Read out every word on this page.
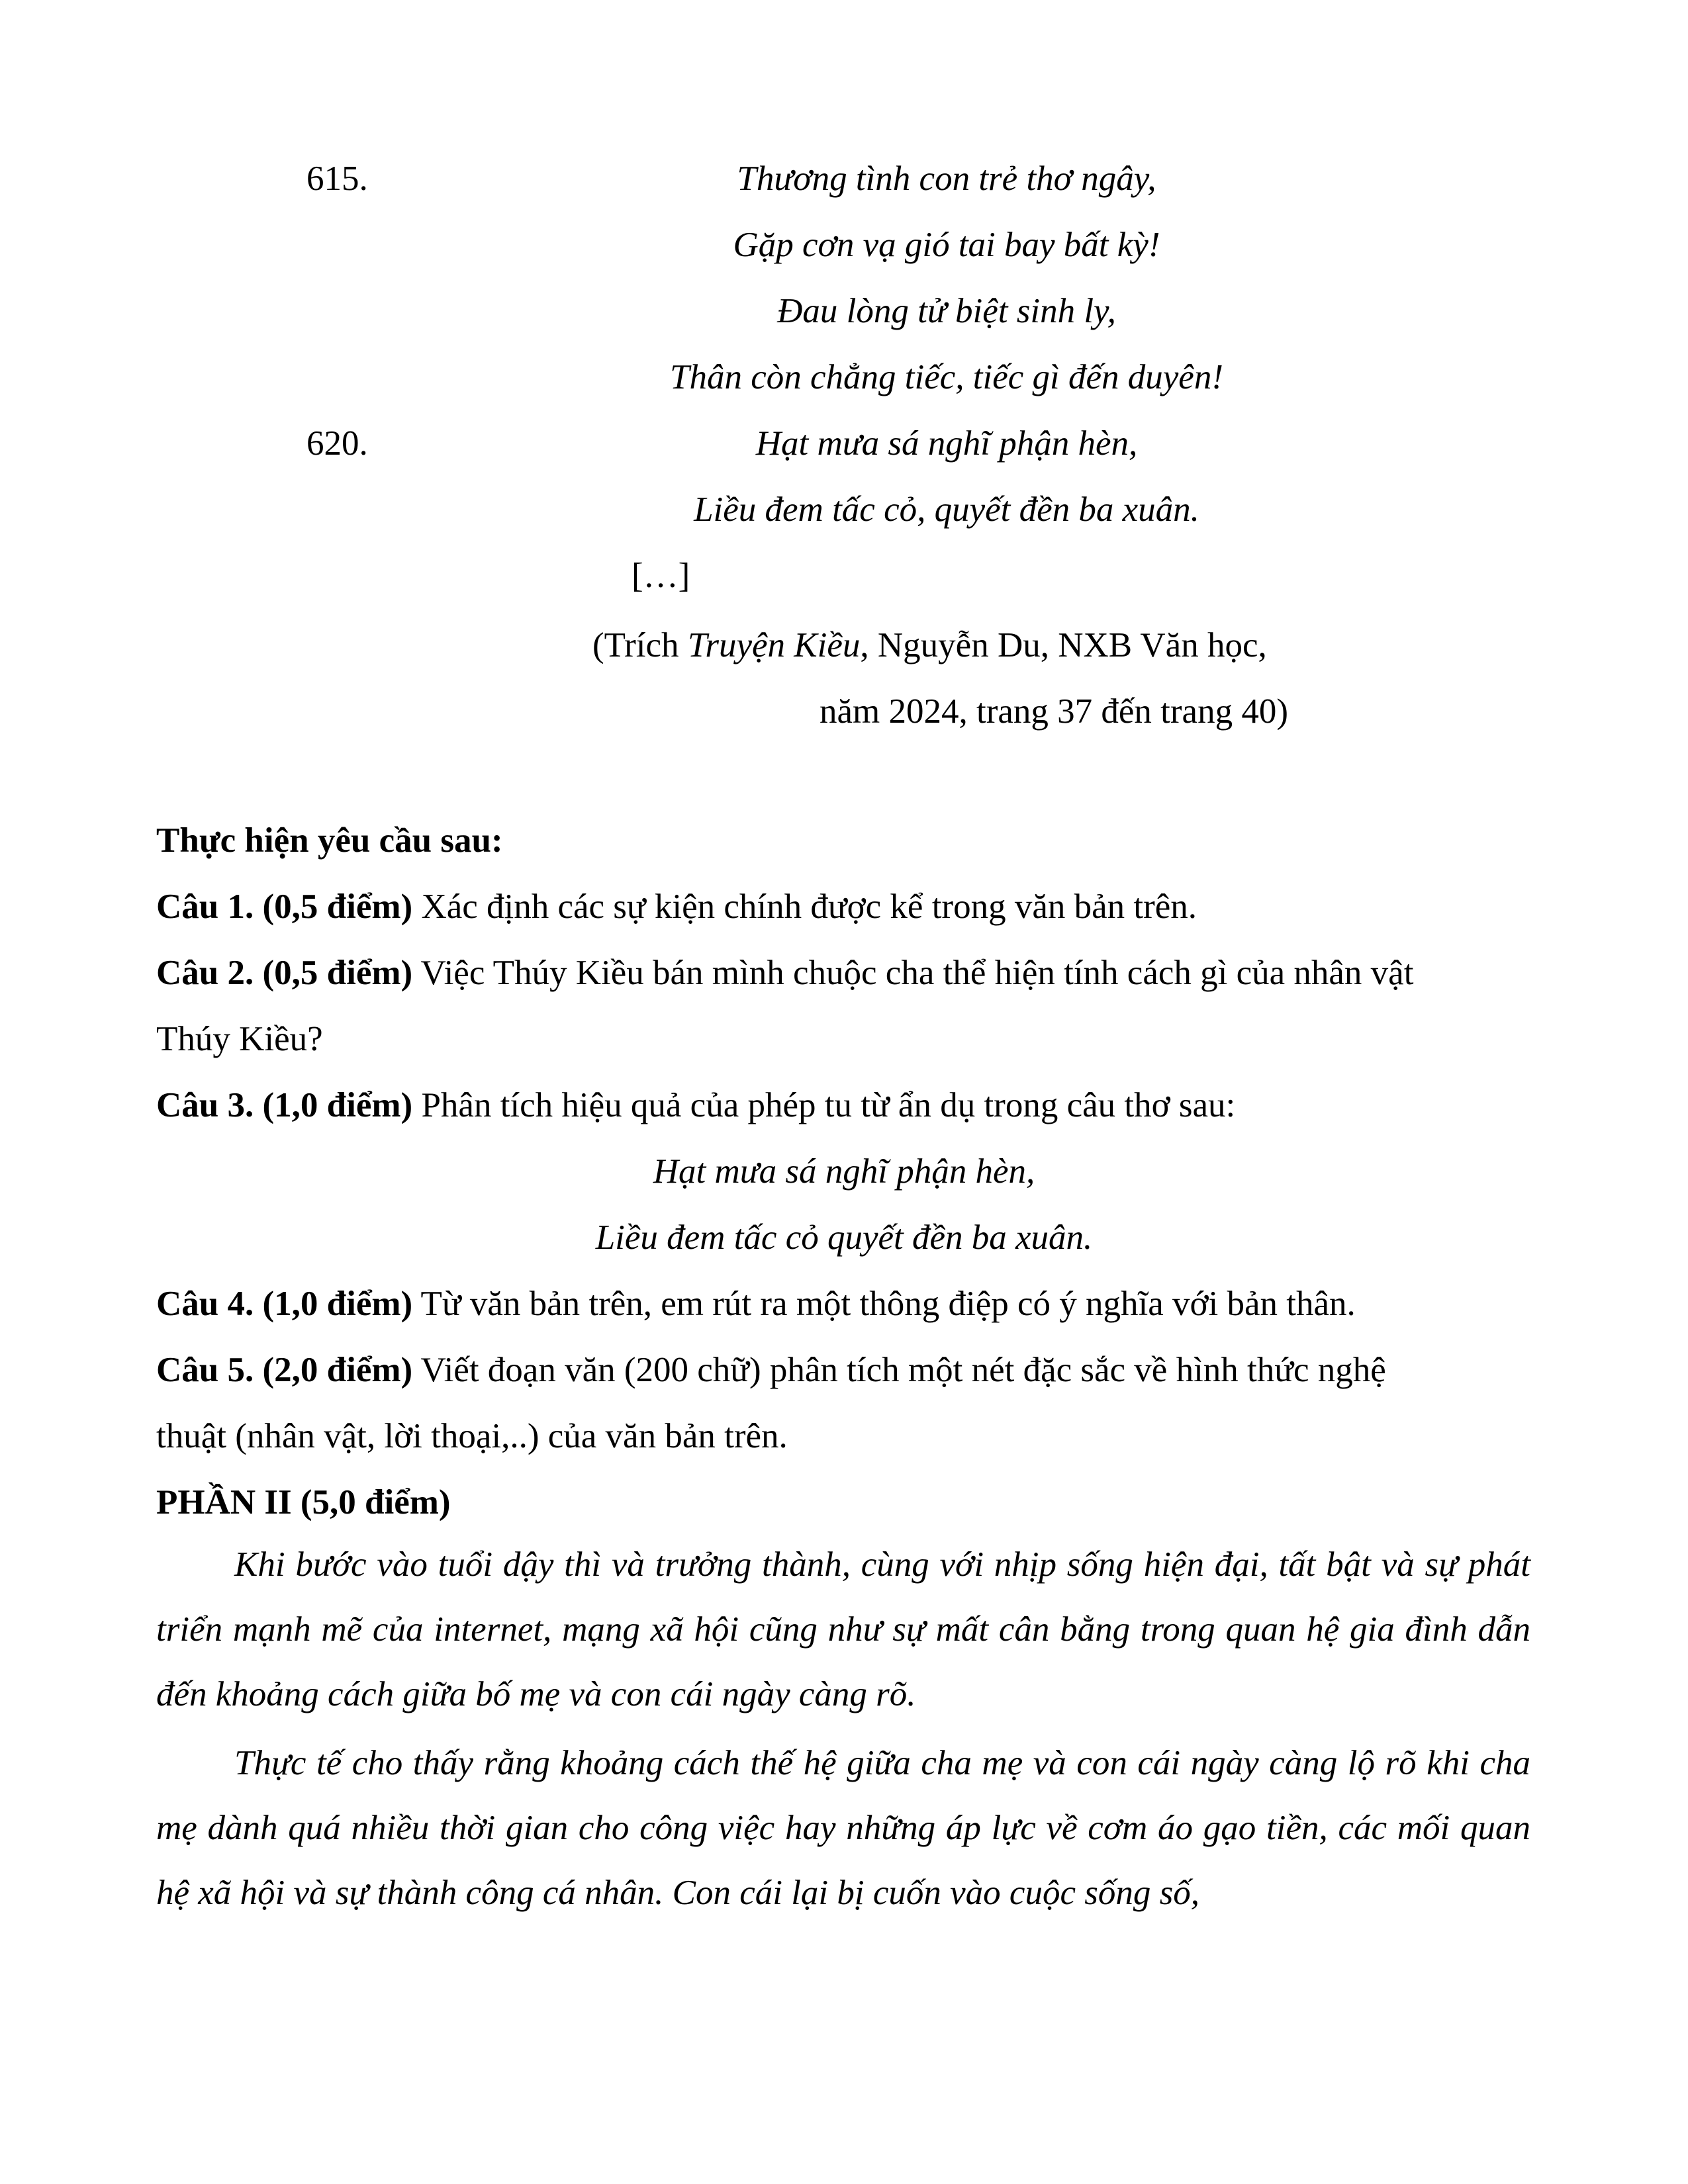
615.	Thương tình con trẻ thơ ngây,
Gặp cơn vạ gió tai bay bất kỳ!
Đau lòng tử biệt sinh ly,
Thân còn chẳng tiếc, tiếc gì đến duyên!
620.	Hạt mưa sá nghĩ phận hèn,
Liều đem tấc cỏ, quyết đền ba xuân.
[…]
(Trích Truyện Kiều, Nguyễn Du, NXB Văn học,
năm 2024, trang 37 đến trang 40)
Thực hiện yêu cầu sau:
Câu 1. (0,5 điểm) Xác định các sự kiện chính được kể trong văn bản trên.
Câu 2. (0,5 điểm) Việc Thúy Kiều bán mình chuộc cha thể hiện tính cách gì của nhân vật
Thúy Kiều?
Câu 3. (1,0 điểm) Phân tích hiệu quả của phép tu từ ẩn dụ trong câu thơ sau:
Hạt mưa sá nghĩ phận hèn,
Liều đem tấc cỏ quyết đền ba xuân.
Câu 4. (1,0 điểm) Từ văn bản trên, em rút ra một thông điệp có ý nghĩa với bản thân.
Câu 5. (2,0 điểm) Viết đoạn văn (200 chữ) phân tích một nét đặc sắc về hình thức nghệ
thuật (nhân vật, lời thoại,..) của văn bản trên.
PHẦN II (5,0 điểm)
Khi bước vào tuổi dậy thì và trưởng thành, cùng với nhịp sống hiện đại, tất bật và sự phát triển mạnh mẽ của internet, mạng xã hội cũng như sự mất cân bằng trong quan hệ gia đình dẫn đến khoảng cách giữa bố mẹ và con cái ngày càng rõ.
Thực tế cho thấy rằng khoảng cách thế hệ giữa cha mẹ và con cái ngày càng lộ rõ khi cha mẹ dành quá nhiều thời gian cho công việc hay những áp lực về cơm áo gạo tiền, các mối quan hệ xã hội và sự thành công cá nhân. Con cái lại bị cuốn vào cuộc sống số,
